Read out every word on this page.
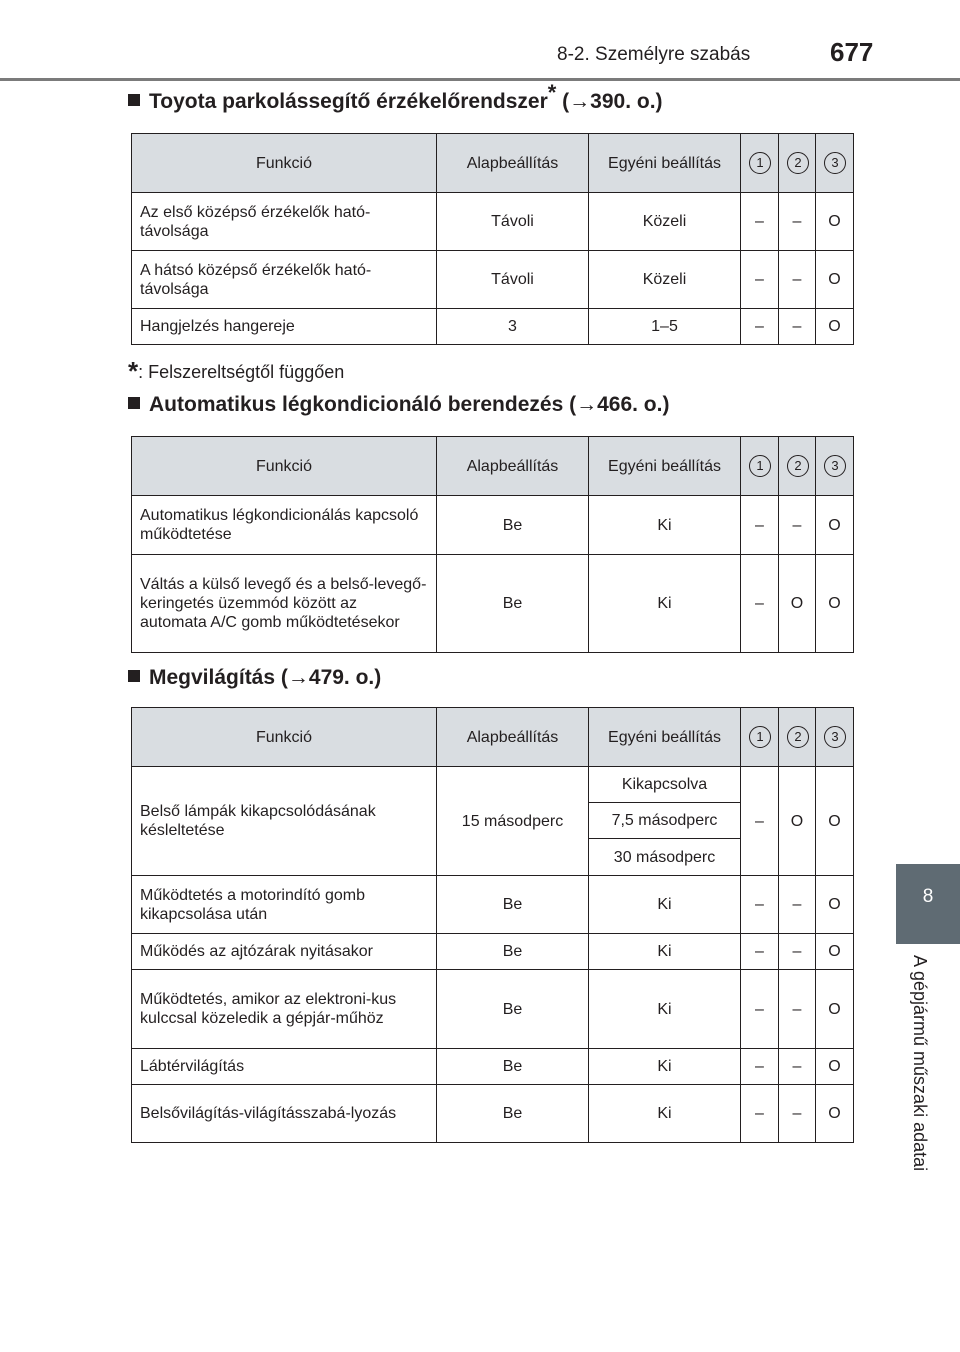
8-2. Személyre szabás	677
8
A gépjármű műszaki adatai
Toyota parkolássegítő érzékelőrendszer* (→390. o.)
Funkció	Alapbeállítás	Egyéni beállítás	1	2	3
Az első középső érzékelők ható-távolsága	Távoli	Közeli	–	–	O
A hátsó középső érzékelők ható-távolsága	Távoli	Közeli	–	–	O
Hangjelzés hangereje	3	1–5	–	–	O
*: Felszereltségtől függően
Automatikus légkondicionáló berendezés (→466. o.)
Funkció	Alapbeállítás	Egyéni beállítás	1	2	3
Automatikus légkondicionálás kapcsoló működtetése	Be	Ki	–	–	O
Váltás a külső levegő és a belső-levegő-keringetés üzemmód között az automata A/C gomb működtetésekor	Be	Ki	–	O	O
Megvilágítás (→479. o.)
Funkció	Alapbeállítás	Egyéni beállítás	1	2	3
Belső lámpák kikapcsolódásának késleltetése	15 másodperc	Kikapcsolva	–	O	O
		7,5 másodperc			
		30 másodperc			
Működtetés a motorindító gomb kikapcsolása után	Be	Ki	–	–	O
Működés az ajtózárak nyitásakor	Be	Ki	–	–	O
Működtetés, amikor az elektroni-kus kulccsal közeledik a gépjár-műhöz	Be	Ki	–	–	O
Lábtérvilágítás	Be	Ki	–	–	O
Belsővilágítás-világításszabá-lyozás	Be	Ki	–	–	O
